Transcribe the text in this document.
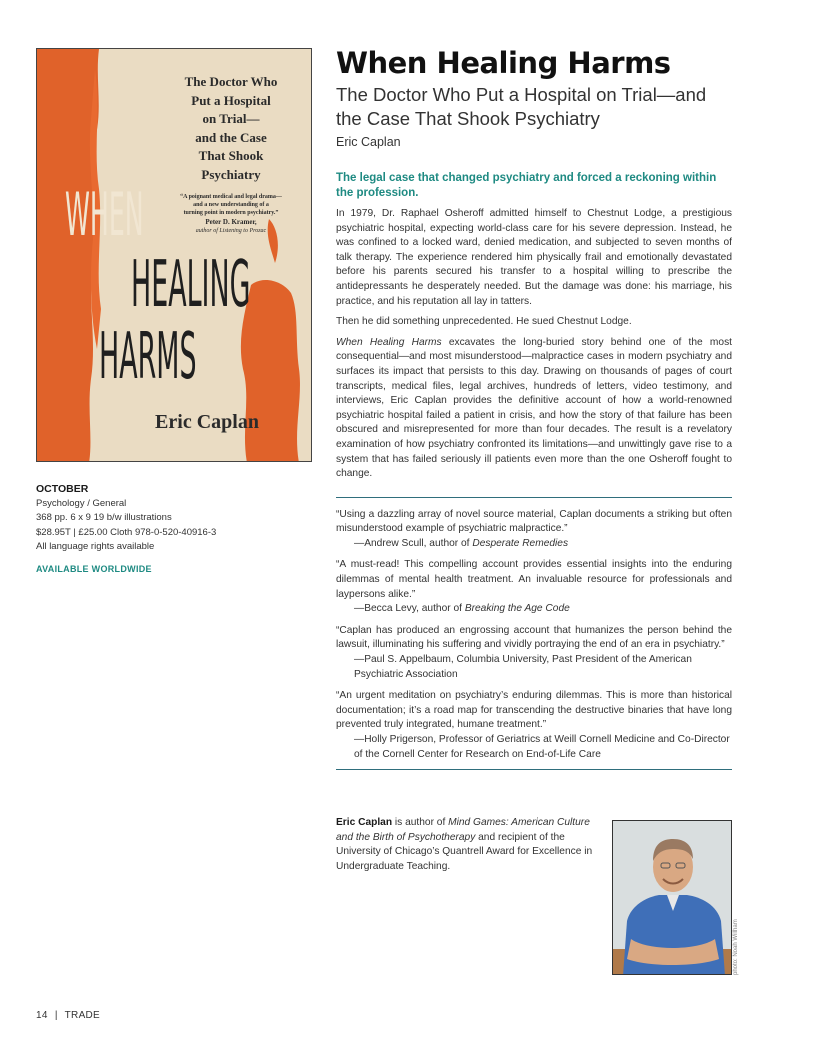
The Doctor Who
Put a Hospital
on Trial—
and the Case
That Shook
Psychiatry
“A poignant medical and legal drama—
and a new understanding of a
turning point in modern psychiatry.”
Peter D. Kramer,
author of Listening to Prozac
WHEN
HEALING
HARMS
Eric Caplan
OCTOBER
Psychology / General
368 pp. 6 x 9 19 b/w illustrations
$28.95T | £25.00 Cloth 978-0-520-40916-3
All language rights available
AVAILABLE WORLDWIDE
When Healing Harms
The Doctor Who Put a Hospital on Trial—and the Case That Shook Psychiatry
Eric Caplan
The legal case that changed psychiatry and forced a reckoning within the profession.

In 1979, Dr. Raphael Osheroff admitted himself to Chestnut Lodge, a prestigious psychiatric hospital, expecting world-class care for his severe depression. Instead, he was confined to a locked ward, denied medication, and subjected to seven months of talk therapy. The experience rendered him physically frail and emotionally devastated before his parents secured his transfer to a hospital willing to prescribe the antidepressants he desperately needed. But the damage was done: his marriage, his practice, and his reputation all lay in tatters.

Then he did something unprecedented. He sued Chestnut Lodge.

When Healing Harms excavates the long-buried story behind one of the most consequential—and most misunderstood—malpractice cases in modern psychiatry and surfaces its impact that persists to this day. Drawing on thousands of pages of court transcripts, medical files, legal archives, hundreds of letters, video testimony, and interviews, Eric Caplan provides the definitive account of how a world-renowned psychiatric hospital failed a patient in crisis, and how the story of that failure has been obscured and misrepresented for more than four decades. The result is a revelatory examination of how psychiatry confronted its limitations—and unwittingly gave rise to a system that has failed seriously ill patients even more than the one Osheroff fought to change.

“Using a dazzling array of novel source material, Caplan documents a striking but often misunderstood example of psychiatric malpractice.”
—Andrew Scull, author of Desperate Remedies
“A must-read! This compelling account provides essential insights into the enduring dilemmas of mental health treatment. An invaluable resource for professionals and laypersons alike.”
—Becca Levy, author of Breaking the Age Code
“Caplan has produced an engrossing account that humanizes the person behind the lawsuit, illuminating his suffering and vividly portraying the end of an era in psychiatry.”
—Paul S. Appelbaum, Columbia University, Past President of the American Psychiatric Association
“An urgent meditation on psychiatry’s enduring dilemmas. This is more than historical documentation; it’s a road map for transcending the destructive binaries that have long prevented truly integrated, humane treatment.”
—Holly Prigerson, Professor of Geriatrics at Weill Cornell Medicine and Co-Director of the Cornell Center for Research on End-of-Life Care
Eric Caplan is author of Mind Games: American Culture and the Birth of Psychotherapy and recipient of the University of Chicago’s Quantrell Award for Excellence in Undergraduate Teaching.
photo: Noah Willham
14 | TRADE
